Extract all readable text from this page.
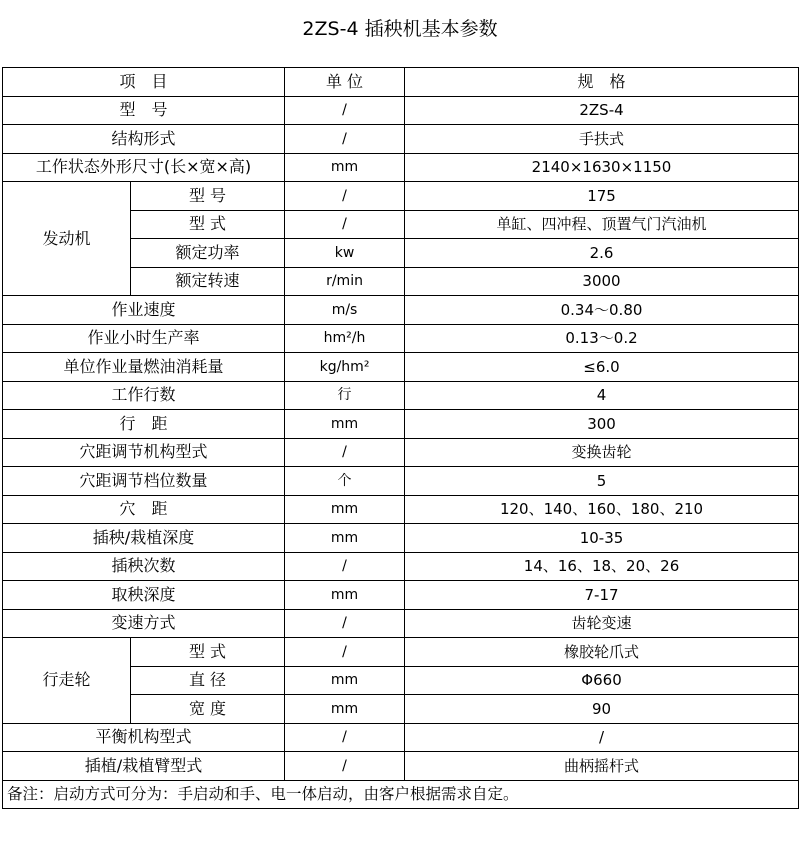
2ZS-4 插秧机基本参数
项　目		单 位	规　格
型　号		/	2ZS-4
结构形式		/	手扶式
工作状态外形尺寸(长×宽×高)		mm	2140×1630×1150
发动机	型 号	/	175
	型 式	/	单缸、四冲程、顶置气门汽油机
	额定功率	kw	2.6
	额定转速	r/min	3000
作业速度		m/s	0.34～0.80
作业小时生产率		hm²/h	0.13～0.2
单位作业量燃油消耗量		kg/hm²	≤6.0
工作行数		行	4
行　距		mm	300
穴距调节机构型式		/	变换齿轮
穴距调节档位数量		个	5
穴　距		mm	120、140、160、180、210
插秧/栽植深度		mm	10-35
插秧次数		/	14、16、18、20、26
取秧深度		mm	7-17
变速方式		/	齿轮变速
行走轮	型 式	/	橡胶轮爪式
	直 径	mm	Φ660
	宽 度	mm	90
平衡机构型式		/	/
插植/栽植臂型式		/	曲柄摇杆式
备注：启动方式可分为：手启动和手、电一体启动，由客户根据需求自定。			
